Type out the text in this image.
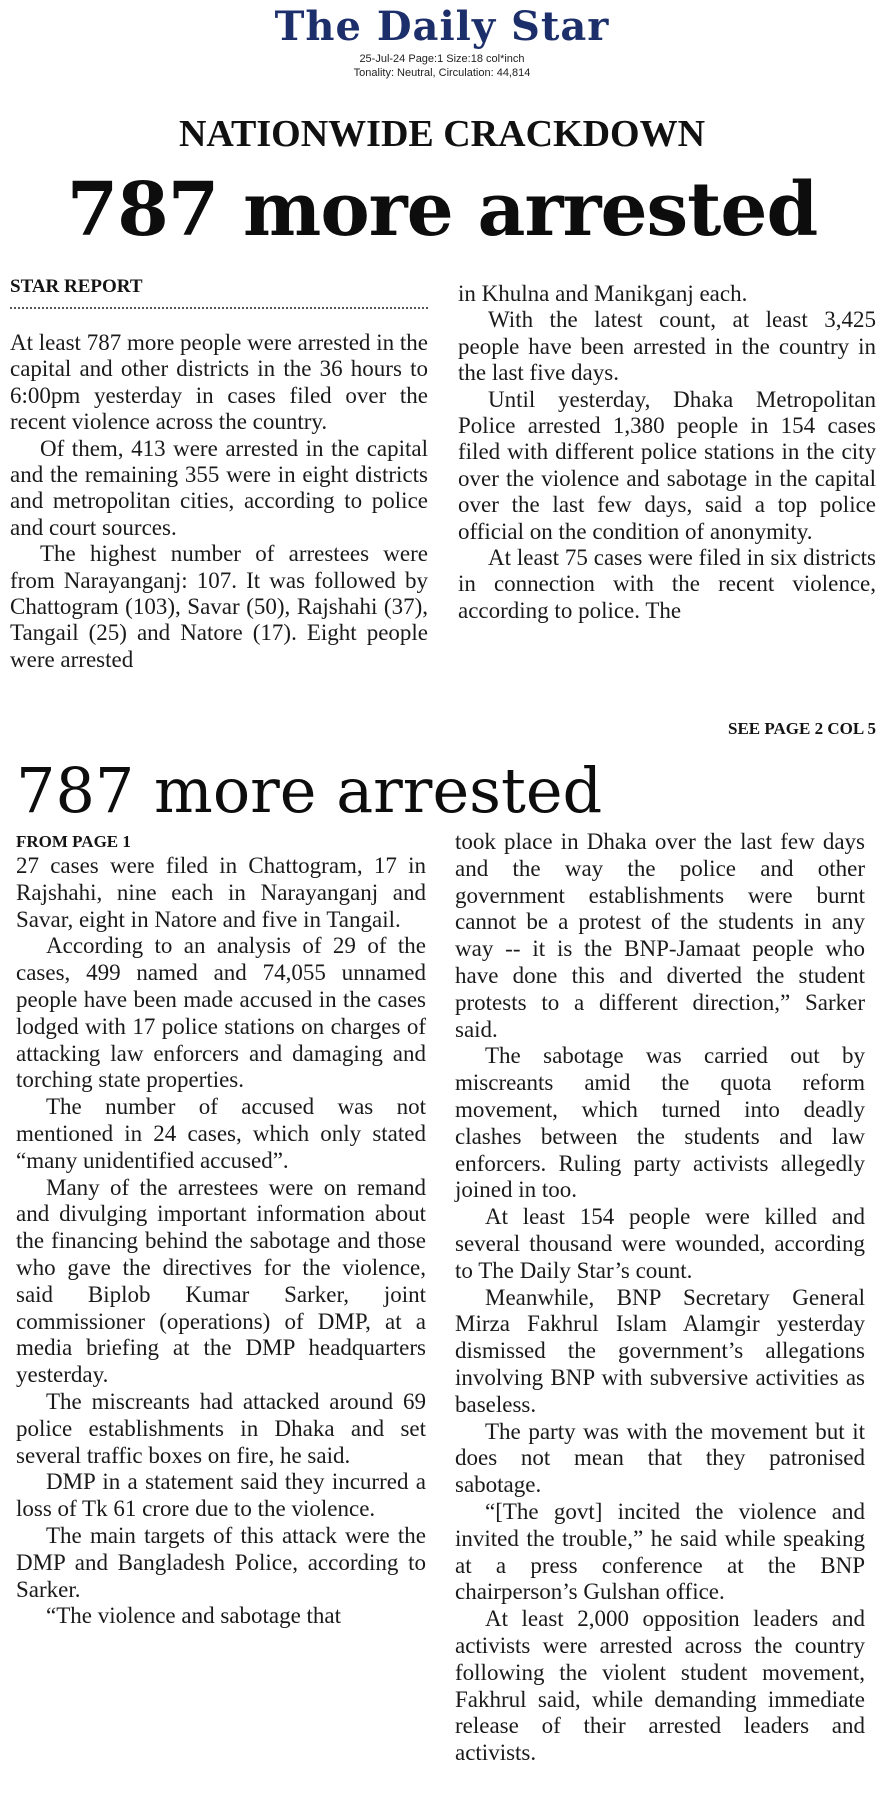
The Daily Star
25-Jul-24 Page:1 Size:18 col*inch
Tonality: Neutral, Circulation: 44,814
NATIONWIDE CRACKDOWN
787 more arrested
STAR REPORT

At least 787 more people were arrested in the capital and other districts in the 36 hours to 6:00pm yesterday in cases filed over the recent violence across the country.

Of them, 413 were arrested in the capital and the remaining 355 were in eight districts and metropolitan cities, according to police and court sources.

The highest number of arrestees were from Narayanganj: 107. It was followed by Chattogram (103), Savar (50), Rajshahi (37), Tangail (25) and Natore (17). Eight people were arrested

in Khulna and Manikganj each.

With the latest count, at least 3,425 people have been arrested in the country in the last five days.

Until yesterday, Dhaka Metropolitan Police arrested 1,380 people in 154 cases filed with different police stations in the city over the violence and sabotage in the capital over the last few days, said a top police official on the condition of anonymity.

At least 75 cases were filed in six districts in connection with the recent violence, according to police. The

SEE PAGE 2 COL 5
787 more arrested
FROM PAGE 1

27 cases were filed in Chattogram, 17 in Rajshahi, nine each in Narayanganj and Savar, eight in Natore and five in Tangail.

According to an analysis of 29 of the cases, 499 named and 74,055 unnamed people have been made accused in the cases lodged with 17 police stations on charges of attacking law enforcers and damaging and torching state properties.

The number of accused was not mentioned in 24 cases, which only stated “many unidentified accused”.

Many of the arrestees were on remand and divulging important information about the financing behind the sabotage and those who gave the directives for the violence, said Biplob Kumar Sarker, joint commissioner (operations) of DMP, at a media briefing at the DMP headquarters yesterday.

The miscreants had attacked around 69 police establishments in Dhaka and set several traffic boxes on fire, he said.

DMP in a statement said they incurred a loss of Tk 61 crore due to the violence.

The main targets of this attack were the DMP and Bangladesh Police, according to Sarker.

“The violence and sabotage that

took place in Dhaka over the last few days and the way the police and other government establishments were burnt cannot be a protest of the students in any way -- it is the BNP-Jamaat people who have done this and diverted the student protests to a different direction,” Sarker said.

The sabotage was carried out by miscreants amid the quota reform movement, which turned into deadly clashes between the students and law enforcers. Ruling party activists allegedly joined in too.

At least 154 people were killed and several thousand were wounded, according to The Daily Star’s count.

Meanwhile, BNP Secretary General Mirza Fakhrul Islam Alamgir yesterday dismissed the government’s allegations involving BNP with subversive activities as baseless.

The party was with the movement but it does not mean that they patronised sabotage.

“[The govt] incited the violence and invited the trouble,” he said while speaking at a press conference at the BNP chairperson’s Gulshan office.

At least 2,000 opposition leaders and activists were arrested across the country following the violent student movement, Fakhrul said, while demanding immediate release of their arrested leaders and activists.
